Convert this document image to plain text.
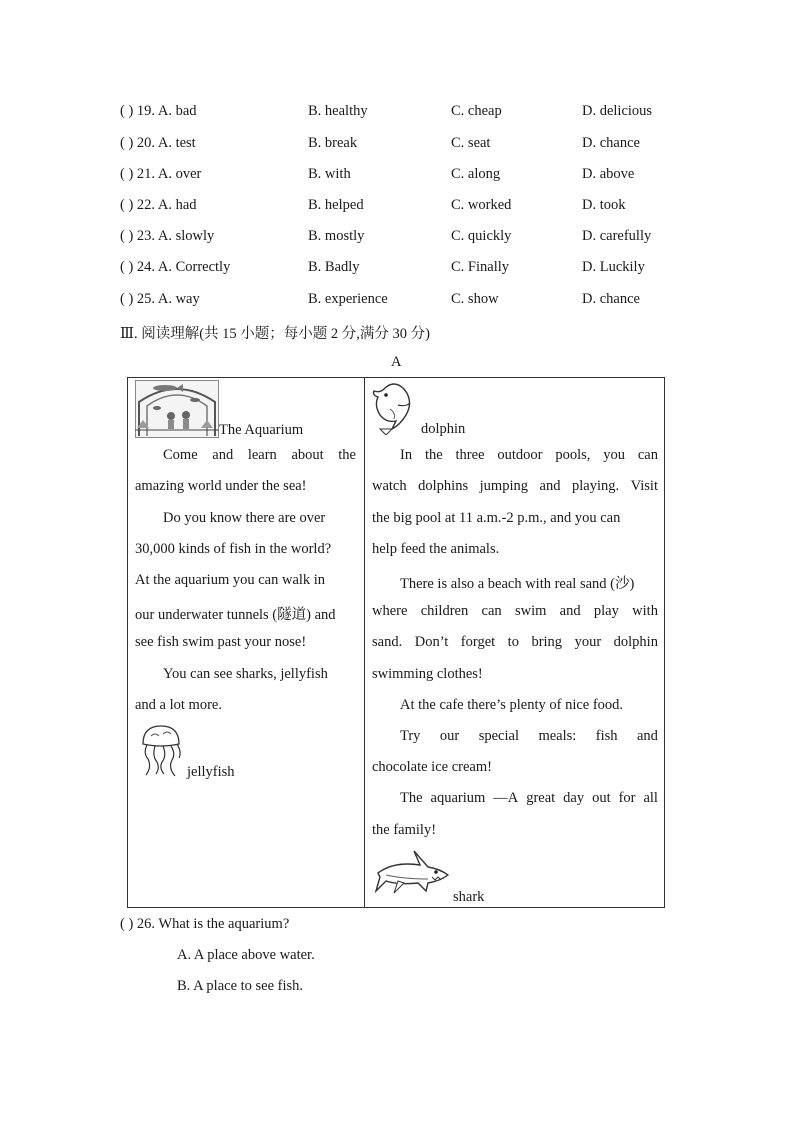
( ) 19. A. bad	B. healthy	C. cheap	D. delicious
( ) 20. A. test	B. break	C. seat	D. chance
( ) 21. A. over	B. with	C. along	D. above
( ) 22. A. had	B. helped	C. worked	D. took
( ) 23. A. slowly	B. mostly	C. quickly	D. carefully
( ) 24. A. Correctly	B. Badly	C. Finally	D. Luckily
( ) 25. A. way	B. experience	C. show	D. chance
Ⅲ. 阅读理解(共 15 小题；每小题 2 分,满分 30 分)
A
The Aquarium
Come and learn about the
amazing world under the sea!
Do you know there are over
30,000 kinds of fish in the world?
At the aquarium you can walk in
our underwater tunnels (隧道) and
see fish swim past your nose!
You can see sharks, jellyfish
and a lot more.
jellyfish
dolphin
In the three outdoor pools, you can
watch dolphins jumping and playing. Visit
the big pool at 11 a.m.-2 p.m., and you can
help feed the animals.
There is also a beach with real sand (沙)
where children can swim and play with
sand. Don’t forget to bring your dolphin
swimming clothes!
At the cafe there’s plenty of nice food.
Try our special meals: fish and
chocolate ice cream!
The aquarium —A great day out for all
the family!
shark
( ) 26. What is the aquarium?
A. A place above water.
B. A place to see fish.
